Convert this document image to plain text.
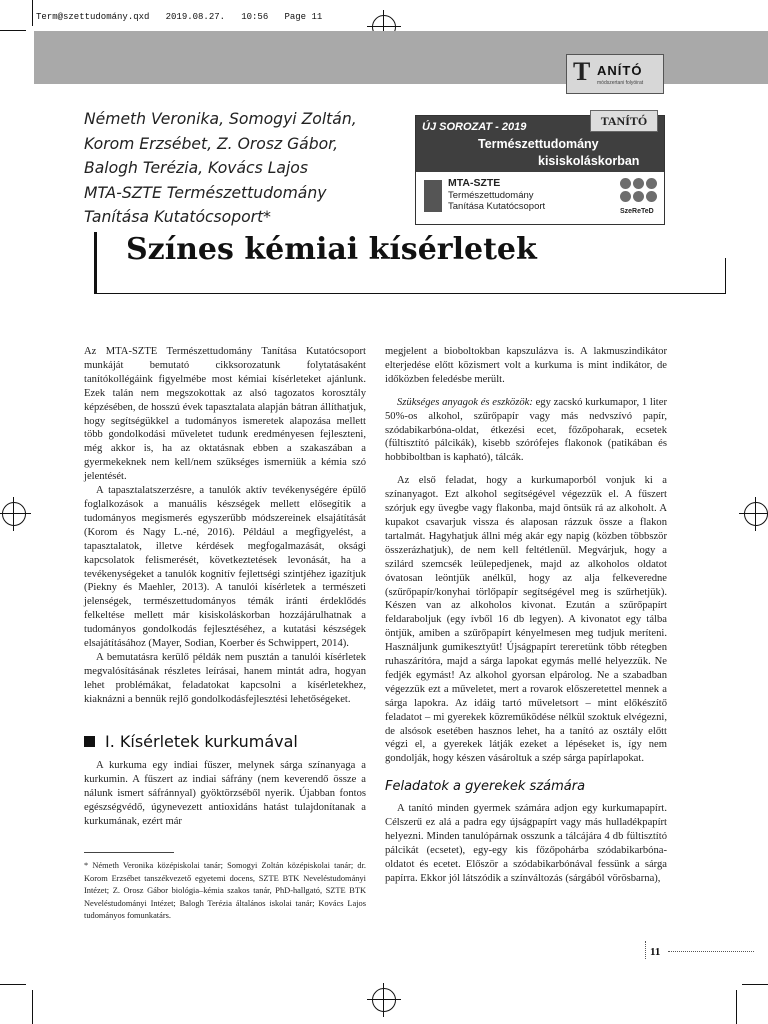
Term@szettudomány.qxd   2019.08.27.   10:56   Page 11
T ANÍTÓ
módszertani folyóirat
Németh Veronika, Somogyi Zoltán,
Korom Erzsébet, Z. Orosz Gábor,
Balogh Terézia, Kovács Lajos
MTA-SZTE Természettudomány
Tanítása Kutatócsoport*
TANÍTÓ
ÚJ SOROZAT - 2019
Természettudomány
kisiskoláskorban
MTA-SZTE
Természettudomány
Tanítása Kutatócsoport	SzeReTeD
Színes kémiai kísérletek

Az MTA-SZTE Természettudomány Tanítása Kutatócsoport munkáját bemutató cikksorozatunk folytatásaként tanítókollégáink figyelmébe most kémiai kísérleteket ajánlunk. Ezek talán nem megszokottak az alsó tagozatos korosztály képzésében, de hosszú évek tapasztalata alapján bátran állíthatjuk, hogy segítségükkel a tudományos ismeretek alapozása mellett több gondolkodási műveletet tudunk eredményesen fejleszteni, még akkor is, ha az oktatásnak ebben a szakaszában a gyermekeknek nem kell/nem szükséges ismerniük a kémia szó jelentését.

A tapasztalatszerzésre, a tanulók aktív tevékenységére épülő foglalkozások a manuális készségek mellett elősegítik a tudományos megismerés egyszerűbb módszereinek elsajátítását (Korom és Nagy L.-né, 2016). Például a megfigyelést, a tapasztalatok, illetve kérdések megfogalmazását, oksági kapcsolatok felismerését, következtetések levonását, ha a tevékenységeket a tanulók kognitív fejlettségi szintjéhez igazítjuk (Piekny és Maehler, 2013). A tanulói kísérletek a természeti jelenségek, természettudományos témák iránti érdeklődés felkeltése mellett már kisiskoláskorban hozzájárulhatnak a tudományos gondolkodás fejlesztéséhez, a kutatási készségek elsajátításához (Mayer, Sodian, Koerber és Schwippert, 2014).

A bemutatásra kerülő példák nem pusztán a tanulói kísérletek megvalósításának részletes leírásai, hanem mintát adra, hogyan lehet problémákat, feladatokat kapcsolni a kísérletekhez, kiaknázni a bennük rejlő gondolkodásfejlesztési lehetőségeket.

I. Kísérletek kurkumával

A kurkuma egy indiai fűszer, melynek sárga színanyaga a kurkumin. A fűszert az indiai sáfrány (nem keverendő össze a nálunk ismert sáfránnyal) gyöktörzséből nyerik. Újabban fontos egészségvédő, úgynevezett antioxidáns hatást tulajdonítanak a kurkumának, ezért már

* Németh Veronika középiskolai tanár; Somogyi Zoltán középiskolai tanár; dr. Korom Erzsébet tanszékvezető egyetemi docens, SZTE BTK Neveléstudományi Intézet; Z. Orosz Gábor biológia–kémia szakos tanár, PhD-hallgató, SZTE BTK Neveléstudományi Intézet; Balogh Terézia általános iskolai tanár; Kovács Lajos tudományos fomunkatárs.

megjelent a bioboltokban kapszulázva is. A lakmuszindikátor elterjedése előtt közismert volt a kurkuma is mint indikátor, de időközben feledésbe merült.

Szükséges anyagok és eszközök: egy zacskó kurkumapor, 1 liter 50%-os alkohol, szűrőpapír vagy más nedvszívó papír, szódabikarbóna-oldat, étkezési ecet, főzőpoharak, ecsetek (fültisztító pálcikák), kisebb szórófejes flakonok (patikában és hobbiboltban is kapható), tálcák.

Az első feladat, hogy a kurkumaporból vonjuk ki a színanyagot. Ezt alkohol segítségével végezzük el. A fűszert szórjuk egy üvegbe vagy flakonba, majd öntsük rá az alkoholt. A kupakot csavarjuk vissza és alaposan rázzuk össze a flakon tartalmát. Hagyhatjuk állni még akár egy napig (közben többször összerázhatjuk), de nem kell feltétlenül. Megvárjuk, hogy a szilárd szemcsék leülepedjenek, majd az alkoholos oldatot óvatosan leöntjük anélkül, hogy az alja felkeveredne (szűrőpapír/konyhai törlőpapír segítségével meg is szűrhetjük). Készen van az alkoholos kivonat. Ezután a szűrőpapírt feldaraboljuk (egy ívből 16 db legyen). A kivonatot egy tálba öntjük, amiben a szűrőpapírt kényelmesen meg tudjuk meríteni. Használjunk gumikesztyűt! Újságpapírt terегetünk több rétegben ruhaszárítóra, majd a sárga lapokat egymás mellé helyezzük. Ne fedjék egymást! Az alkohol gyorsan elpárolog. Ne a szabadban végezzük ezt a műveletet, mert a rovarok előszeretettel mennek a sárga lapokra. Az idáig tartó műveletsort – mint előkészítő feladatot – mi gyerekek közreműködése nélkül szoktuk elvégezni, de alsósok esetében hasznos lehet, ha a tanító az osztály előtt végzi el, a gyerekek látják ezeket a lépéseket is, így nem gondolják, hogy készen vásároltuk a szép sárga papírlapokat.

Feladatok a gyerekek számára

A tanító minden gyermek számára adjon egy kurkumapapírt. Célszerű ez alá a padra egy újságpapírt vagy más hulladékpapírt helyezni. Minden tanulópárnak osszunk a tálcájára 4 db fültisztító pálcikát (ecsetet), egy-egy kis főzőpohárba szódabikarbóna-oldatot és ecetet. Először a szódabikarbónával fessünk a sárga papírra. Ekkor jól látszódik a színváltozás (sárgából vörösbarna),

11
